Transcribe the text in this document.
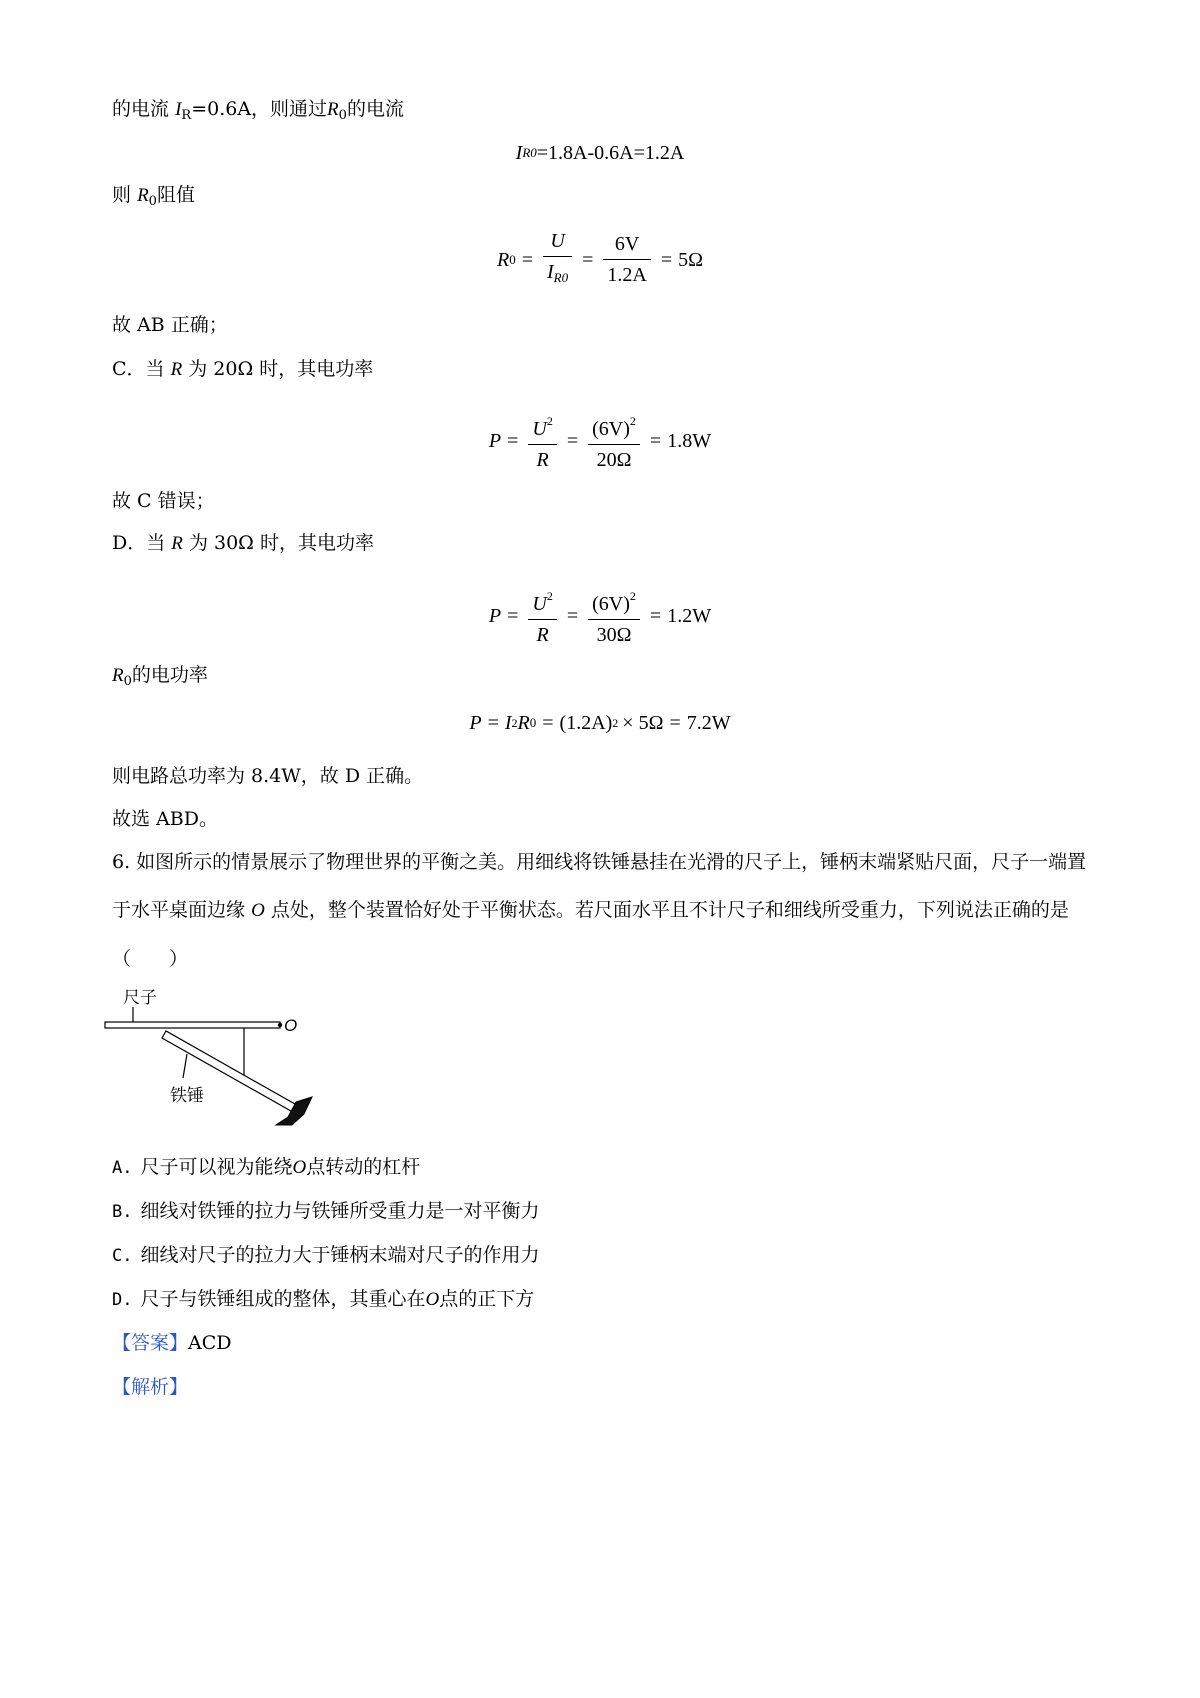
的电流 $I_R=0.6A$，则通过$R_0$的电流
I R0 =1.8A-0.6A=1.2A
则 $R_0$阻值
R $0 = \frac{U}{I_{R0}} = \frac{6V}{1.2A} = 5\Omega$
故 AB 正确；
C．当 R 为 20Ω 时，其电功率
$P = \frac{U^2}{R} = \frac{(6V)^2}{20\Omega} = 1.8W$
故 C 错误；
D．当 R 为 30Ω 时，其电功率
$P = \frac{U^2}{R} = \frac{(6V)^2}{30\Omega} = 1.2W$
$R_0$的电功率
P = I 2 R 0 = (1.2A) 2 × 5Ω = 7.2W
则电路总功率为 8.4W，故 D 正确。
故选 ABD。
6. 如图所示的情景展示了物理世界的平衡之美。用细线将铁锤悬挂在光滑的尺子上，锤柄末端紧贴尺面，尺子一端置于水平桌面边缘 O 点处，整个装置恰好处于平衡状态。若尺面水平且不计尺子和细线所受重力，下列说法正确的是（　　）
尺子
O
铁锤
A. 尺子可以视为能绕O点转动的杠杆
B. 细线对铁锤的拉力与铁锤所受重力是一对平衡力
C. 细线对尺子的拉力大于锤柄末端对尺子的作用力
D. 尺子与铁锤组成的整体，其重心在O点的正下方
【答案】ACD
【解析】
